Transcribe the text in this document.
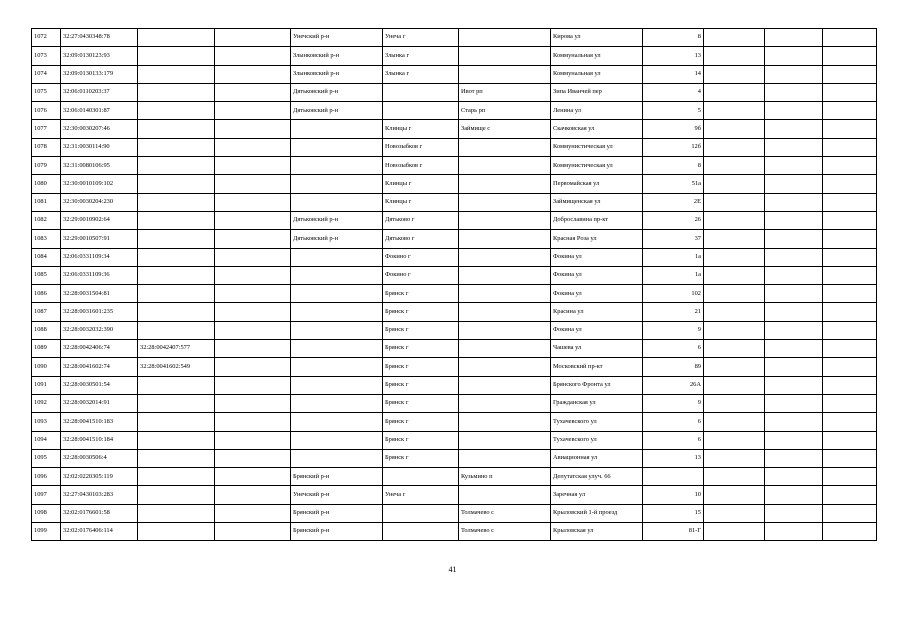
1072	32:27:0430348:78			Унечский р-н	Унеча г		Кирова ул	8			
1073	32:09:0130123:93			Злынковский р-н	Злынка г		Коммунальная ул	13			
1074	32:09:0130133:179			Злынковский р-н	Злынка г		Коммунальная ул	14			
1075	32:06:0110203:37			Дятьковский р-н		Ивот рп	Зипа Иванчей пер	4			
1076	32:06:0140301:87			Дятьковский р-н		Старь рп	Ленина ул	5			
1077	32:30:0030207:46				Клинцы г	Займище с	Скачковская ул	9б			
1078	32:31:0030114:90				Новозыбков г		Коммунистическая ул	12б			
1079	32:31:0080106:95				Новозыбков г		Коммунистическая ул	8			
1080	32:30:0010109:102				Клинцы г		Первомайская ул	51а			
1081	32:30:0030204:230				Клинцы г		Займищенская ул	2Е			
1082	32:29:0010902:64			Дятьковский р-н	Дятьково г		Доброславина пр-кт	26			
1083	32:29:0010507:91			Дятьковский р-н	Дятьково г		Красная Роза ул	37			
1084	32:06:0331109:34				Фокино г		Фокина ул	1а			
1085	32:06:0331109:36				Фокино г		Фокина ул	1а			
1086	32:28:0031504:81				Брянск г		Фокина ул	102			
1087	32:28:0031601:235				Брянск г		Красина ул	21			
1088	32:28:0032032:390				Брянск г		Фокина ул	9			
1089	32:28:0042406:74	32:28:0042407:577			Брянск г		Чашева ул	6			
1090	32:28:0041602:74	32:28:0041602:549			Брянск г		Московский пр-кт	89			
1091	32:28:0030501:54				Брянск г		Брянского Фронта ул	26А			
1092	32:28:0032014:91				Брянск г		Гражданская ул	9			
1093	32:28:0041510:183				Брянск г		Тухачевского ул	6			
1094	32:28:0041510:184				Брянск г		Тухачевского ул	6			
1095	32:28:0030506:4				Брянск г		Авиационная ул	13			
1096	32:02:0220305:119			Брянский р-н		Кузьмино п	Депутатская улуч. 66				
1097	32:27:0430103:283			Унечский р-н	Унеча г		Заречная ул	10			
1098	32:02:0176601:58			Брянский р-н		Толмачево с	Крыловский 1-й проезд	15			
1099	32:02:0176406:114			Брянский р-н		Толмачево с	Крыловская ул	81-Г			
41
